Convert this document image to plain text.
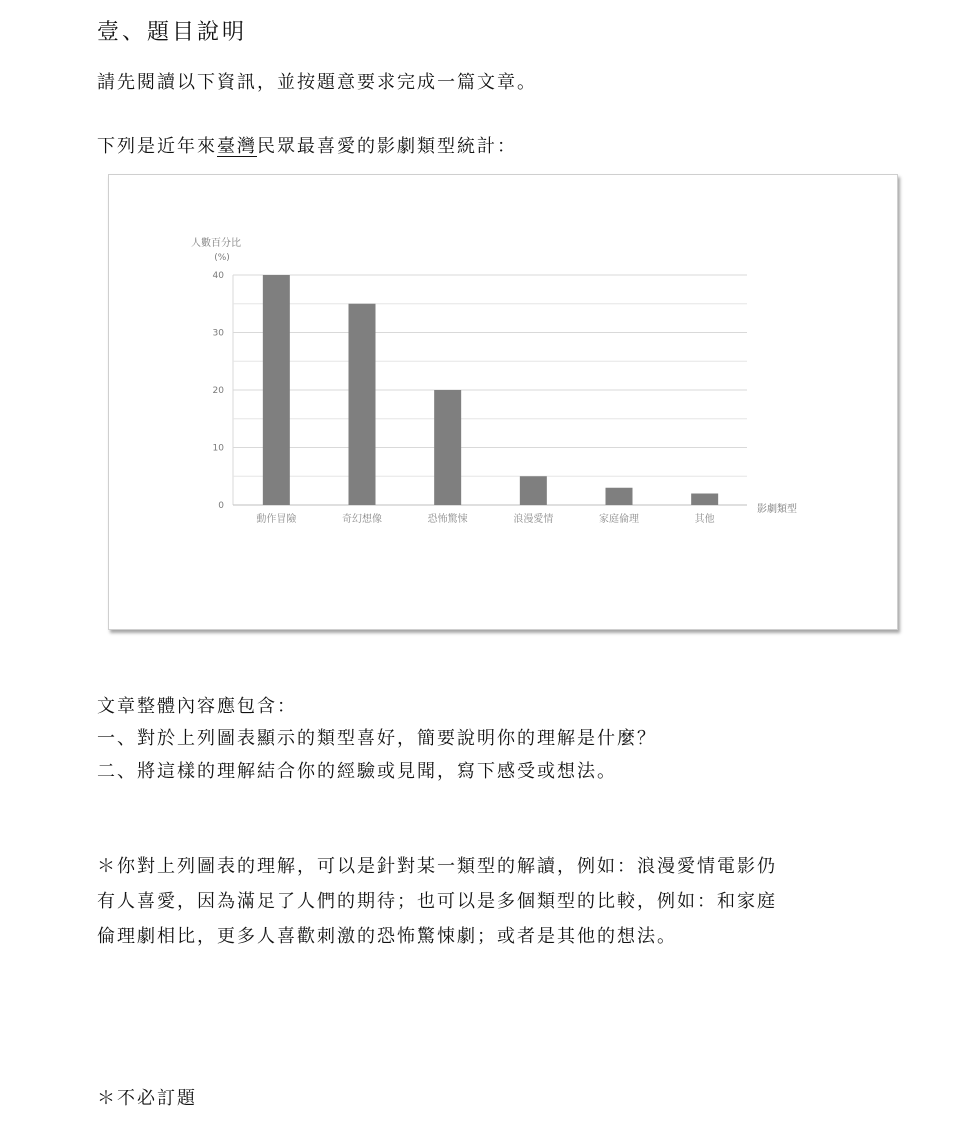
壹、題目說明
請先閱讀以下資訊，並按題意要求完成一篇文章。
下列是近年來臺灣民眾最喜愛的影劇類型統計：
人數百分比
(%)
影劇類型
0
10
20
30
40
動作冒險	奇幻想像	恐怖驚悚	浪漫愛情	家庭倫理	其他
文章整體內容應包含：
一、對於上列圖表顯示的類型喜好，簡要說明你的理解是什麼？
二、將這樣的理解結合你的經驗或見聞，寫下感受或想法。
＊你對上列圖表的理解，可以是針對某一類型的解讀，例如：浪漫愛情電影仍
有人喜愛，因為滿足了人們的期待；也可以是多個類型的比較，例如：和家庭
倫理劇相比，更多人喜歡刺激的恐怖驚悚劇；或者是其他的想法。
＊不必訂題
